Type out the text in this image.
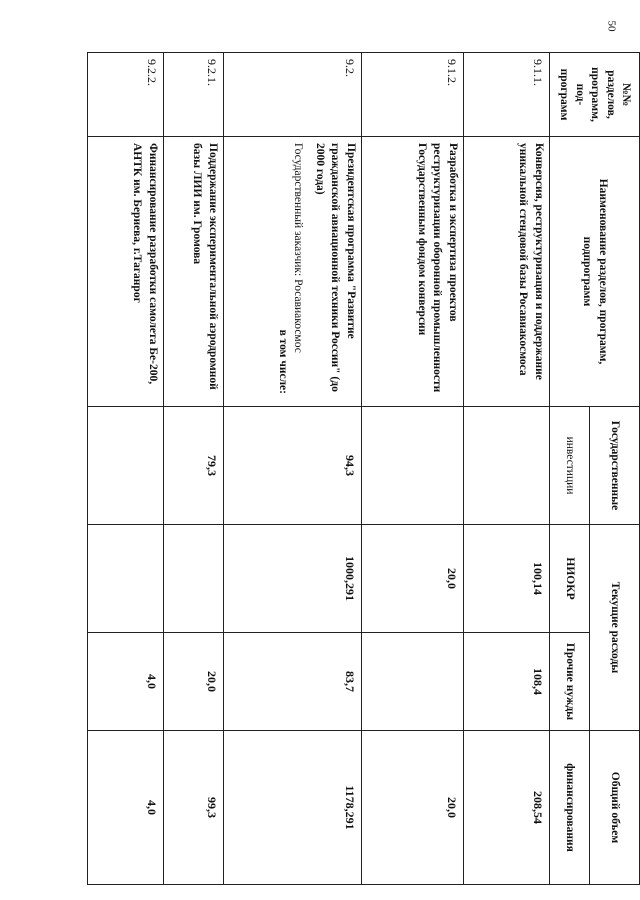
50
№№ разделов, программ, под-программ	Наименование разделов, программ, подпрограмм	Государственные	Текущие расходы		Общий объем
		инвестиции	НИОКР	Прочие нужды	финансирования
9.1.1.	Конверсия, реструктуризация и поддержание уникальной стендовой базы Росавиакосмоса		100,14	108,4	208,54
9.1.2.	Разработка и экспертиза проектов реструктуризации оборонной промышленности Государственным фондом конверсии		20,0		20,0
9.2.	Президентская программа "Развитие гражданской авиационной техники России" (до 2000 года)
Государственный заказчик: Росавиакосмос
в том числе:	94,3	1000,291	83,7	1178,291
9.2.1.	Поддержание экспериментальной аэродромной базы ЛИИ им. Громова	79,3		20,0	99,3
9.2.2.	Финансирование разработки самолета Бе-200, АНТК им. Бериева, г.Таганрог			4,0	4,0
